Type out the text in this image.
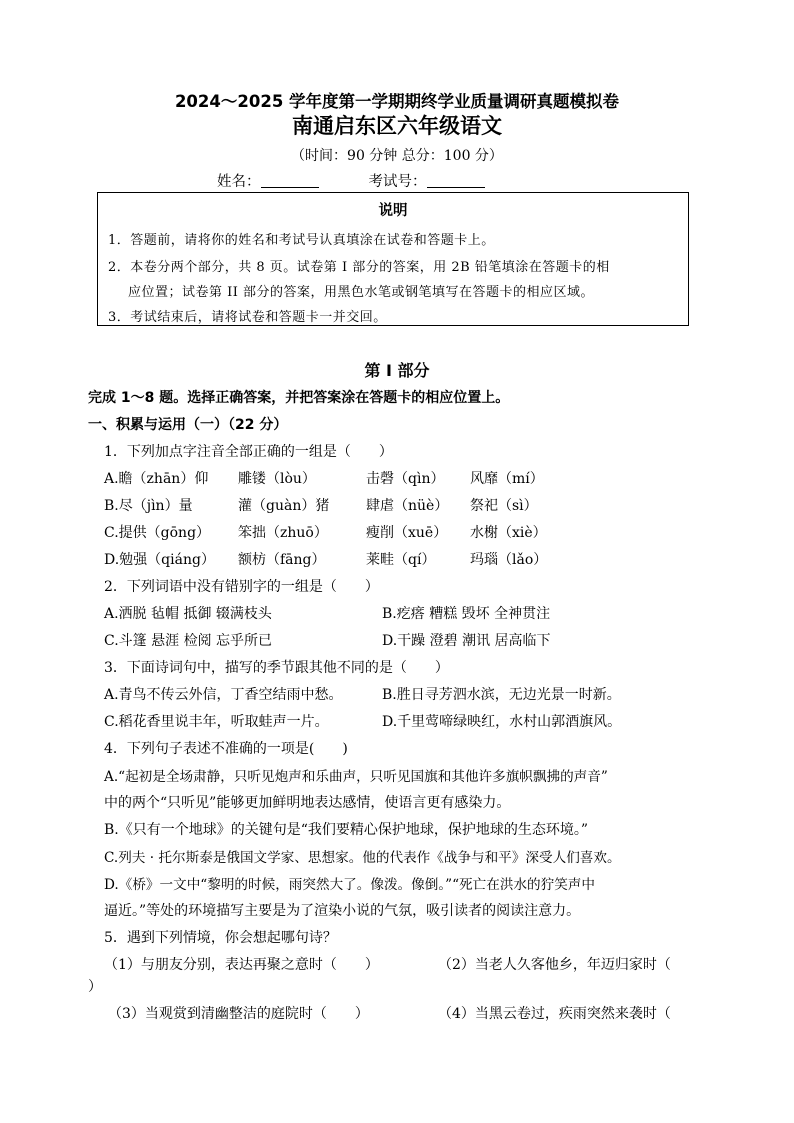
2024～2025 学年度第一学期期终学业质量调研真题模拟卷
南通启东区六年级语文
（时间：90 分钟 总分：100 分）
姓名：	考试号：
说明
1．答题前，请将你的姓名和考试号认真填涂在试卷和答题卡上。
2．本卷分两个部分，共 8 页。试卷第 I 部分的答案，用 2B 铅笔填涂在答题卡的相
应位置；试卷第 II 部分的答案，用黑色水笔或钢笔填写在答题卡的相应区域。
3．考试结束后，请将试卷和答题卡一并交回。
第 I 部分
完成 1～8 题。选择正确答案，并把答案涂在答题卡的相应位置上。
一、积累与运用（一）（22 分）
1．下列加点字注音全部正确的一组是（　　）
A.瞻（zhān）仰 雕镂（lòu）	击磬（qìn） 风靡（mí）
B.尽（jìn）量	灌（guàn）猪	肆虐（nüè） 祭祀（sì）
C.提供（gōng） 笨拙（zhuō）	瘦削（xuē） 水榭（xiè）
D.勉强（qiáng） 额枋（fāng）	莱畦（qí） 玛瑙（lǎo）
2．下列词语中没有错别字的一组是（　　）
A.洒脱 毡帽 抵御 辍满枝头	B.疙瘩 糟糕 毁坏 全神贯注
C.斗篷 悬涯 检阅 忘乎所已	D.干躁 澄碧 潮讯 居高临下
3．下面诗词句中，描写的季节跟其他不同的是（　　）
A.青鸟不传云外信，丁香空结雨中愁。	B.胜日寻芳泗水滨，无边光景一时新。
C.稻花香里说丰年，听取蛙声一片。	D.千里莺啼绿映红，水村山郭酒旗风。
4．下列句子表述不准确的一项是(　　)
A.“起初是全场肃静，只听见炮声和乐曲声，只听见国旗和其他许多旗帜飘拂的声音”
中的两个“只听见”能够更加鲜明地表达感情，使语言更有感染力。
B.《只有一个地球》的关键句是“我们要精心保护地球，保护地球的生态环境。”
C.列夫 · 托尔斯泰是俄国文学家、思想家。他的代表作《战争与和平》深受人们喜欢。
D.《桥》一文中“黎明的时候，雨突然大了。像泼。像倒。”“死亡在洪水的狞笑声中
逼近。”等处的环境描写主要是为了渲染小说的气氛，吸引读者的阅读注意力。
5．遇到下列情境，你会想起哪句诗？
（1）与朋友分别，表达再聚之意时（　　）	（2）当老人久客他乡，年迈归家时（
）
（3）当观赏到清幽整洁的庭院时（　　）	（4）当黑云卷过，疾雨突然来袭时（
